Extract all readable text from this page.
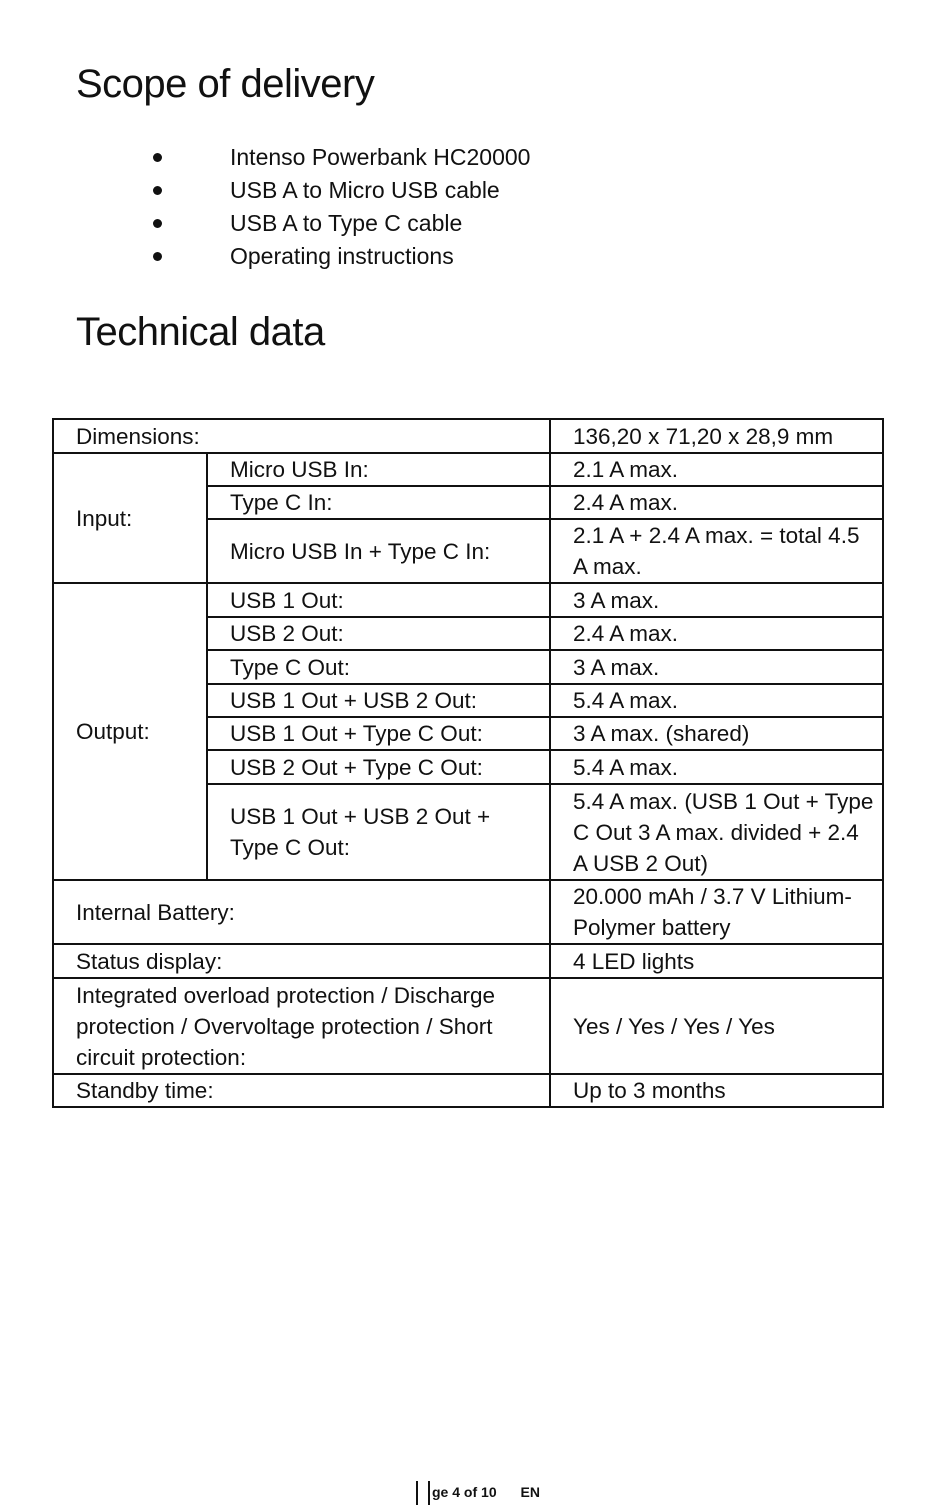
Scope of delivery
Intenso Powerbank HC20000
USB A to Micro USB cable
USB A to Type C cable
Operating instructions
Technical data
Dimensions:		136,20 x 71,20 x 28,9 mm
Input:	Micro USB In:	2.1 A max.
	Type C In:	2.4 A max.
	Micro USB In + Type C In:	2.1 A + 2.4 A max. = total 4.5 A max.
Output:	USB 1 Out:	3 A max.
	USB 2 Out:	2.4 A max.
	Type C Out:	3 A max.
	USB 1 Out + USB 2 Out:	5.4 A max.
	USB 1 Out + Type C Out:	3 A max. (shared)
	USB 2 Out + Type C Out:	5.4 A max.
	USB 1 Out + USB 2 Out + Type C Out:	5.4 A max. (USB 1 Out + Type C Out 3 A max. divided + 2.4 A USB 2 Out)
Internal Battery:		20.000 mAh / 3.7 V Lithium-Polymer battery
Status display:		4 LED lights
Integrated overload protection / Discharge protection / Overvoltage protection / Short circuit protection:		Yes / Yes / Yes / Yes
Standby time:		Up to 3 months
ge 4 of 10 EN
